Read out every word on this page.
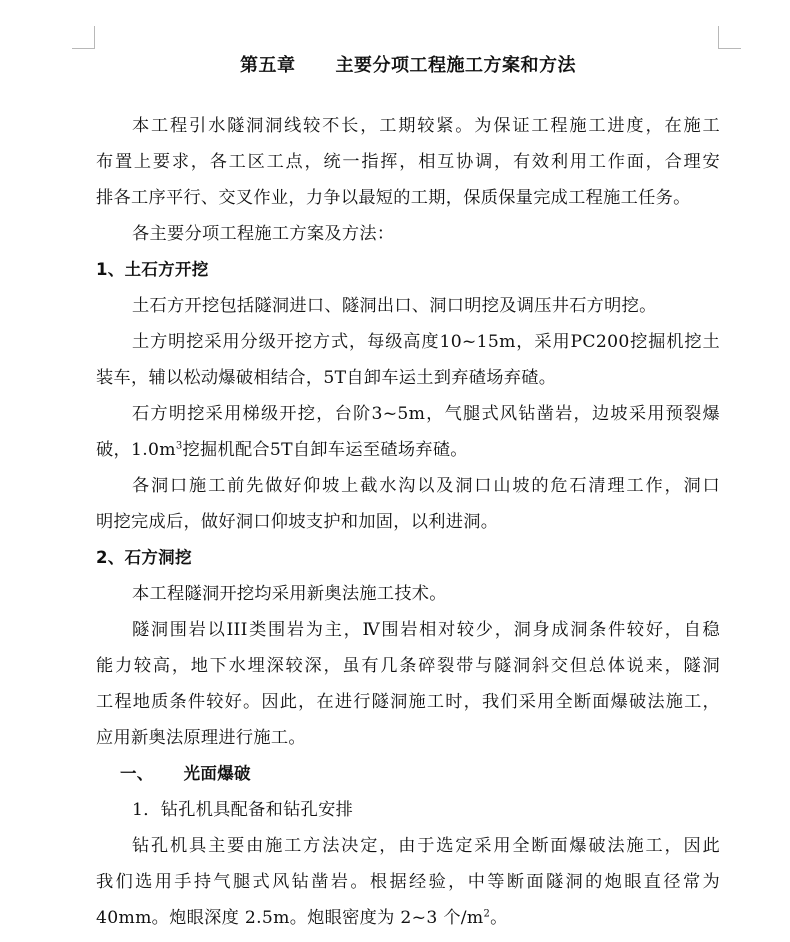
第五章 主要分项工程施工方案和方法
本工程引水隧洞洞线较不长，工期较紧。为保证工程施工进度，在施工
布置上要求，各工区工点，统一指挥，相互协调，有效利用工作面，合理安
排各工序平行、交叉作业，力争以最短的工期，保质保量完成工程施工任务。
各主要分项工程施工方案及方法：
1、土石方开挖
土石方开挖包括隧洞进口、隧洞出口、洞口明挖及调压井石方明挖。
土方明挖采用分级开挖方式，每级高度10~15m，采用PC200挖掘机挖土
装车，辅以松动爆破相结合，5T自卸车运土到弃碴场弃碴。
石方明挖采用梯级开挖，台阶3~5m，气腿式风钻凿岩，边坡采用预裂爆
破，$1.0m^3$挖掘机配合5T自卸车运至碴场弃碴。
各洞口施工前先做好仰坡上截水沟以及洞口山坡的危石清理工作，洞口
明挖完成后，做好洞口仰坡支护和加固，以利进洞。
2、石方洞挖
本工程隧洞开挖均采用新奥法施工技术。
隧洞围岩以III类围岩为主，Ⅳ围岩相对较少，洞身成洞条件较好，自稳
能力较高，地下水埋深较深，虽有几条碎裂带与隧洞斜交但总体说来，隧洞
工程地质条件较好。因此，在进行隧洞施工时，我们采用全断面爆破法施工，
应用新奥法原理进行施工。
一、 光面爆破
1．钻孔机具配备和钻孔安排
钻孔机具主要由施工方法决定，由于选定采用全断面爆破法施工，因此
我们选用手持气腿式风钻凿岩。根据经验，中等断面隧洞的炮眼直径常为
40mm。炮眼深度 2.5m。炮眼密度为 2~3 个$/m^2$。
